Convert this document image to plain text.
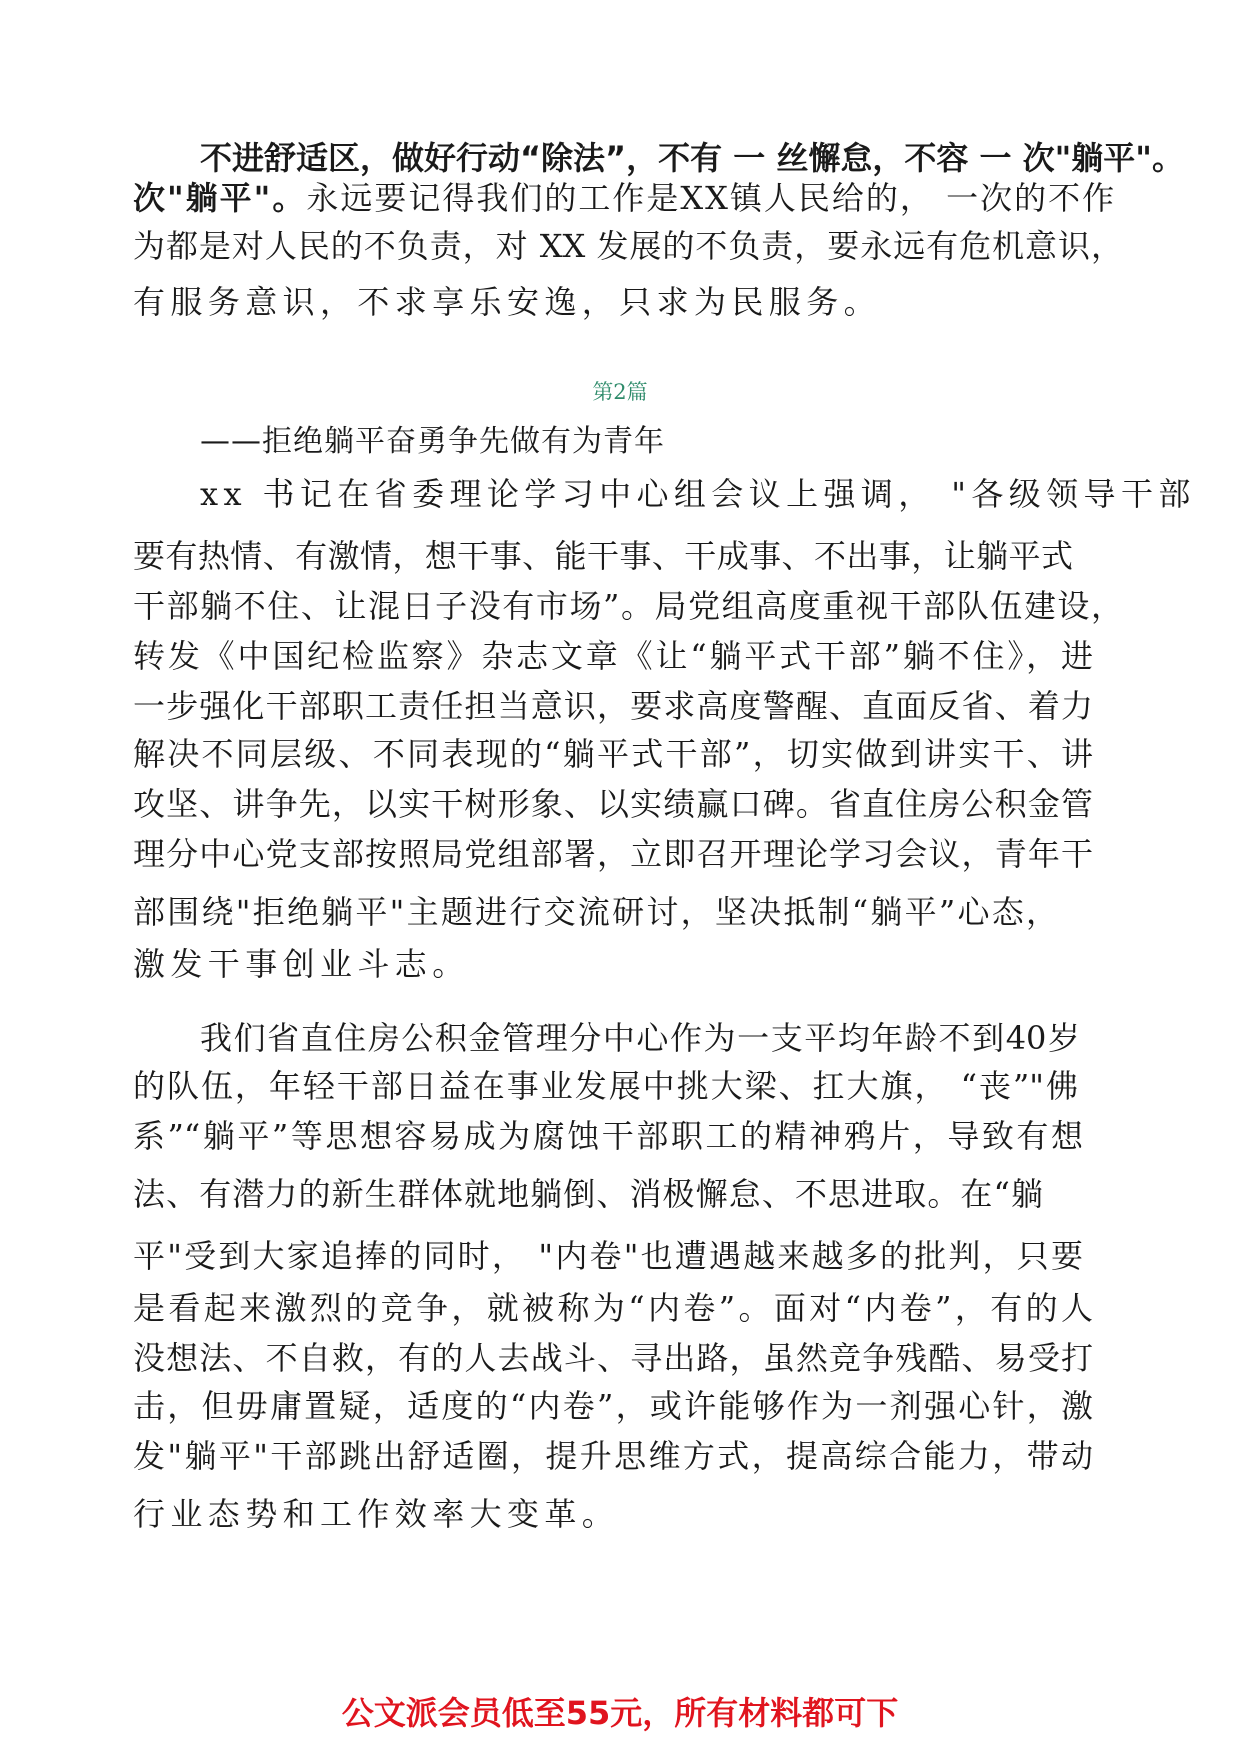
不进舒适区，做好行动“除法”，不有 一 丝懈怠，不容 一 次"躺平"。
次"躺平"。永远要记得我们的工作是XX镇人民给的， 一次的不作
为都是对人民的不负责，对 XX 发展的不负责，要永远有危机意识，
有服务意识，不求享乐安逸，只求为民服务。
第2篇
——拒绝躺平奋勇争先做有为青年
xx 书记在省委理论学习中心组会议上强调， "各级领导干部
要有热情、有激情，想干事、能干事、干成事、不出事，让躺平式
干部躺不住、让混日子没有市场”。局党组高度重视干部队伍建设，
转发《中国纪检监察》杂志文章《让“躺平式干部”躺不住》，进
一步强化干部职工责任担当意识，要求高度警醒、直面反省、着力
解决不同层级、不同表现的“躺平式干部”，切实做到讲实干、讲
攻坚、讲争先，以实干树形象、以实绩赢口碑。省直住房公积金管
理分中心党支部按照局党组部署，立即召开理论学习会议，青年干
部围绕"拒绝躺平"主题进行交流研讨，坚决抵制“躺平”心态，
激发干事创业斗志。
我们省直住房公积金管理分中心作为一支平均年龄不到40岁
的队伍，年轻干部日益在事业发展中挑大梁、扛大旗， “丧”"佛
系”“躺平”等思想容易成为腐蚀干部职工的精神鸦片，导致有想
法、有潜力的新生群体就地躺倒、消极懈怠、不思进取。在“躺
平"受到大家追捧的同时， "内卷"也遭遇越来越多的批判，只要
是看起来激烈的竞争，就被称为“内卷”。面对“内卷”，有的人
没想法、不自救，有的人去战斗、寻出路，虽然竞争残酷、易受打
击，但毋庸置疑，适度的“内卷”，或许能够作为一剂强心针，激
发"躺平"干部跳出舒适圈，提升思维方式，提高综合能力，带动
行业态势和工作效率大变革。
公文派会员低至55元，所有材料都可下
